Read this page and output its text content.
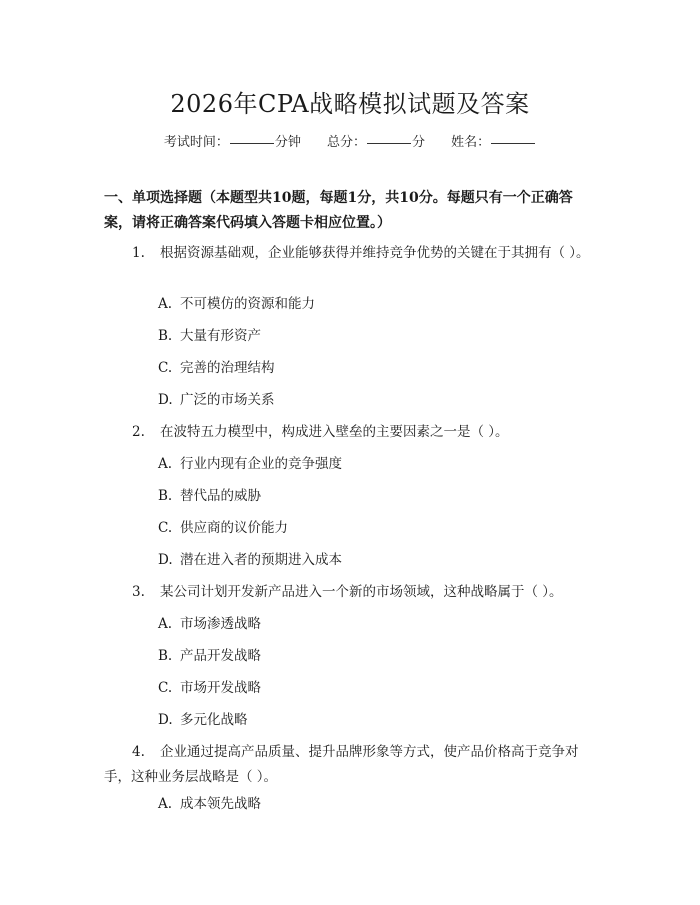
2026年CPA战略模拟试题及答案
考试时间：	分钟 总分：	分 姓名：
一、单项选择题（本题型共10题，每题1分，共10分。每题只有一个正确答案，请将正确答案代码填入答题卡相应位置。）
1. 根据资源基础观，企业能够获得并维持竞争优势的关键在于其拥有（ ）。
A. 不可模仿的资源和能力
B. 大量有形资产
C. 完善的治理结构
D. 广泛的市场关系
2. 在波特五力模型中，构成进入壁垒的主要因素之一是（ ）。
A. 行业内现有企业的竞争强度
B. 替代品的威胁
C. 供应商的议价能力
D. 潜在进入者的预期进入成本
3. 某公司计划开发新产品进入一个新的市场领域，这种战略属于（ ）。
A. 市场渗透战略
B. 产品开发战略
C. 市场开发战略
D. 多元化战略
4. 企业通过提高产品质量、提升品牌形象等方式，使产品价格高于竞争对手，这种业务层战略是（ ）。
A. 成本领先战略
